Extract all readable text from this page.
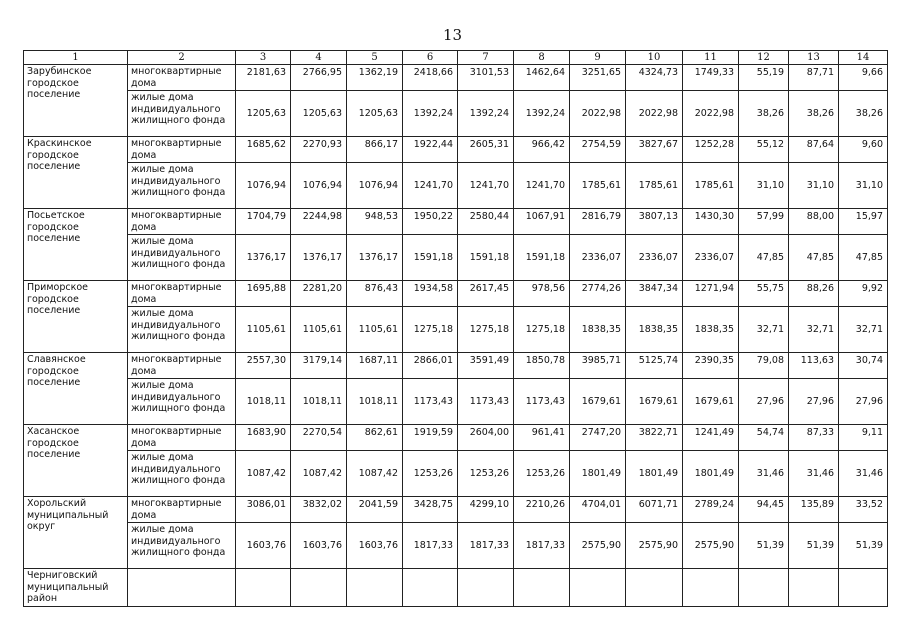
13
1	2	3	4	5	6	7	8	9	10	11	12	13	14
Зарубинское городское поселение	многоквартирные дома	2181,63	2766,95	1362,19	2418,66	3101,53	1462,64	3251,65	4324,73	1749,33	55,19	87,71	9,66
	жилые дома индивидуального жилищного фонда	1205,63	1205,63	1205,63	1392,24	1392,24	1392,24	2022,98	2022,98	2022,98	38,26	38,26	38,26
Краскинское городское поселение	многоквартирные дома	1685,62	2270,93	866,17	1922,44	2605,31	966,42	2754,59	3827,67	1252,28	55,12	87,64	9,60
	жилые дома индивидуального жилищного фонда	1076,94	1076,94	1076,94	1241,70	1241,70	1241,70	1785,61	1785,61	1785,61	31,10	31,10	31,10
Посьетское городское поселение	многоквартирные дома	1704,79	2244,98	948,53	1950,22	2580,44	1067,91	2816,79	3807,13	1430,30	57,99	88,00	15,97
	жилые дома индивидуального жилищного фонда	1376,17	1376,17	1376,17	1591,18	1591,18	1591,18	2336,07	2336,07	2336,07	47,85	47,85	47,85
Приморское городское поселение	многоквартирные дома	1695,88	2281,20	876,43	1934,58	2617,45	978,56	2774,26	3847,34	1271,94	55,75	88,26	9,92
	жилые дома индивидуального жилищного фонда	1105,61	1105,61	1105,61	1275,18	1275,18	1275,18	1838,35	1838,35	1838,35	32,71	32,71	32,71
Славянское городское поселение	многоквартирные дома	2557,30	3179,14	1687,11	2866,01	3591,49	1850,78	3985,71	5125,74	2390,35	79,08	113,63	30,74
	жилые дома индивидуального жилищного фонда	1018,11	1018,11	1018,11	1173,43	1173,43	1173,43	1679,61	1679,61	1679,61	27,96	27,96	27,96
Хасанское городское поселение	многоквартирные дома	1683,90	2270,54	862,61	1919,59	2604,00	961,41	2747,20	3822,71	1241,49	54,74	87,33	9,11
	жилые дома индивидуального жилищного фонда	1087,42	1087,42	1087,42	1253,26	1253,26	1253,26	1801,49	1801,49	1801,49	31,46	31,46	31,46
Хорольский муниципальный округ	многоквартирные дома	3086,01	3832,02	2041,59	3428,75	4299,10	2210,26	4704,01	6071,71	2789,24	94,45	135,89	33,52
	жилые дома индивидуального жилищного фонда	1603,76	1603,76	1603,76	1817,33	1817,33	1817,33	2575,90	2575,90	2575,90	51,39	51,39	51,39
Черниговский муниципальный район													
